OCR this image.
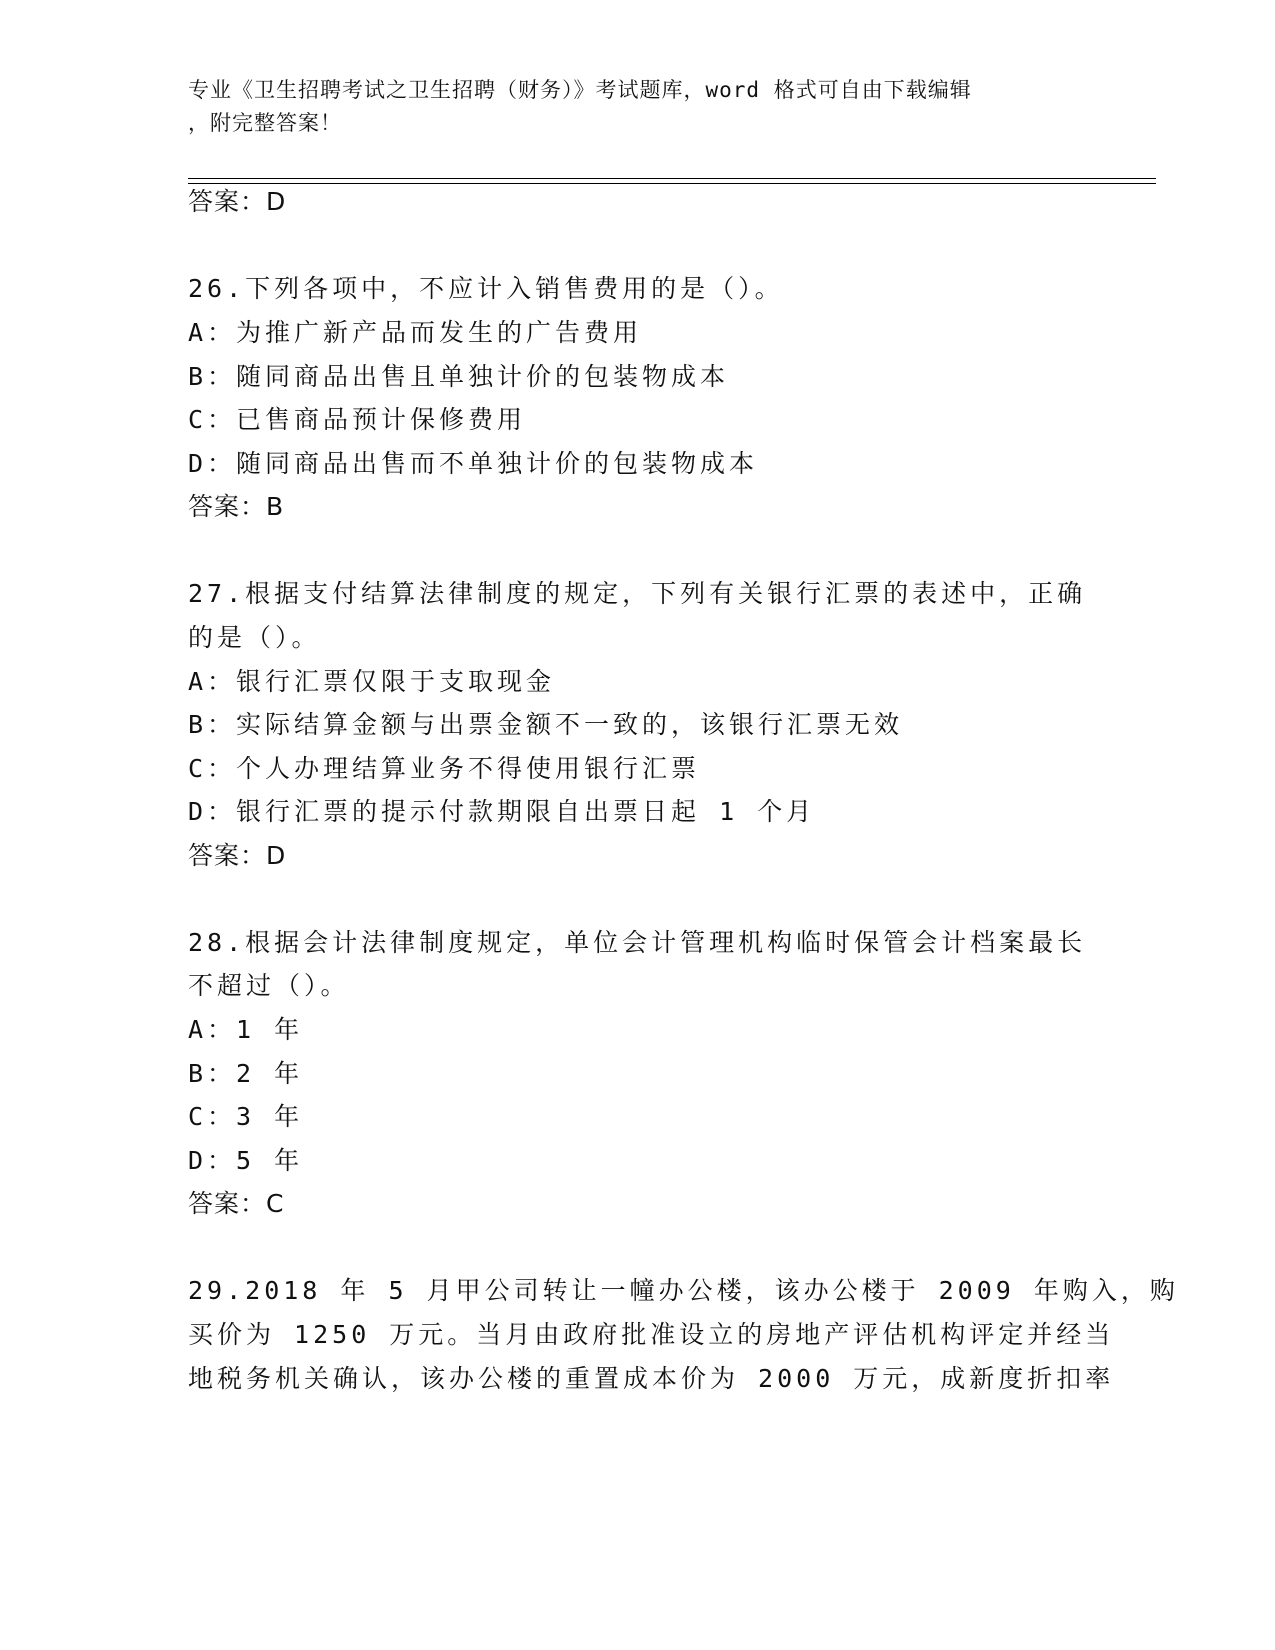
专业《卫生招聘考试之卫生招聘（财务）》考试题库，word 格式可自由下载编辑
，附完整答案！
答案：D
26.下列各项中，不应计入销售费用的是（）。
A：为推广新产品而发生的广告费用
B：随同商品出售且单独计价的包装物成本
C：已售商品预计保修费用
D：随同商品出售而不单独计价的包装物成本
答案：B
27.根据支付结算法律制度的规定，下列有关银行汇票的表述中，正确
的是（）。
A：银行汇票仅限于支取现金
B：实际结算金额与出票金额不一致的，该银行汇票无效
C：个人办理结算业务不得使用银行汇票
D：银行汇票的提示付款期限自出票日起 1 个月
答案：D
28.根据会计法律制度规定，单位会计管理机构临时保管会计档案最长
不超过（）。
A：1 年
B：2 年
C：3 年
D：5 年
答案：C
29.2018 年 5 月甲公司转让一幢办公楼，该办公楼于 2009 年购入，购
买价为 1250 万元。当月由政府批准设立的房地产评估机构评定并经当
地税务机关确认，该办公楼的重置成本价为 2000 万元，成新度折扣率
